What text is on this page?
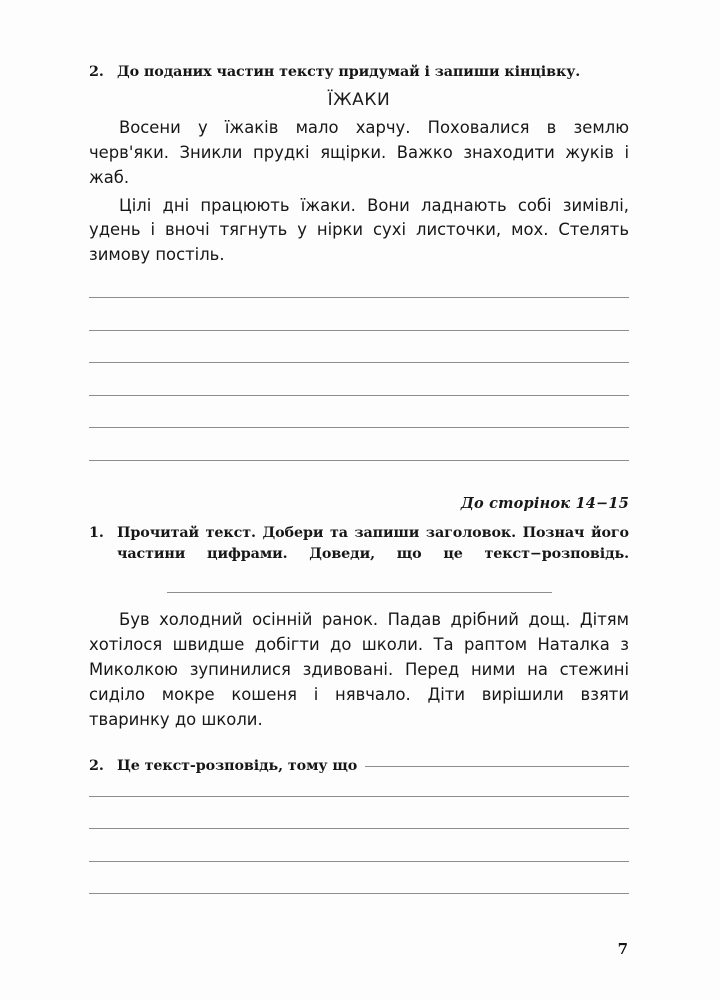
2. До поданих частин тексту придумай і запиши кінцівку.
ЇЖАКИ

Восени у їжаків мало харчу. Поховалися в землю черв'яки. Зникли прудкі ящірки. Важко знаходити жуків і жаб.

Цілі дні працюють їжаки. Вони ладнають собі зимівлі, удень і вночі тягнуть у нірки сухі листочки, мох. Стелять зимову постіль.

До сторінок 14−15
1. Прочитай текст. Добери та запиши заголовок. Познач його частини цифрами. Доведи, що це текст−розповідь.

Був холодний осінній ранок. Падав дрібний дощ. Дітям хотілося швидше добігти до школи. Та раптом Наталка з Миколкою зупинилися здивовані. Перед ними на стежині сиділо мокре кошеня і нявчало. Діти вирішили взяти тваринку до школи.

2. Це текст-розповідь, тому що
7
